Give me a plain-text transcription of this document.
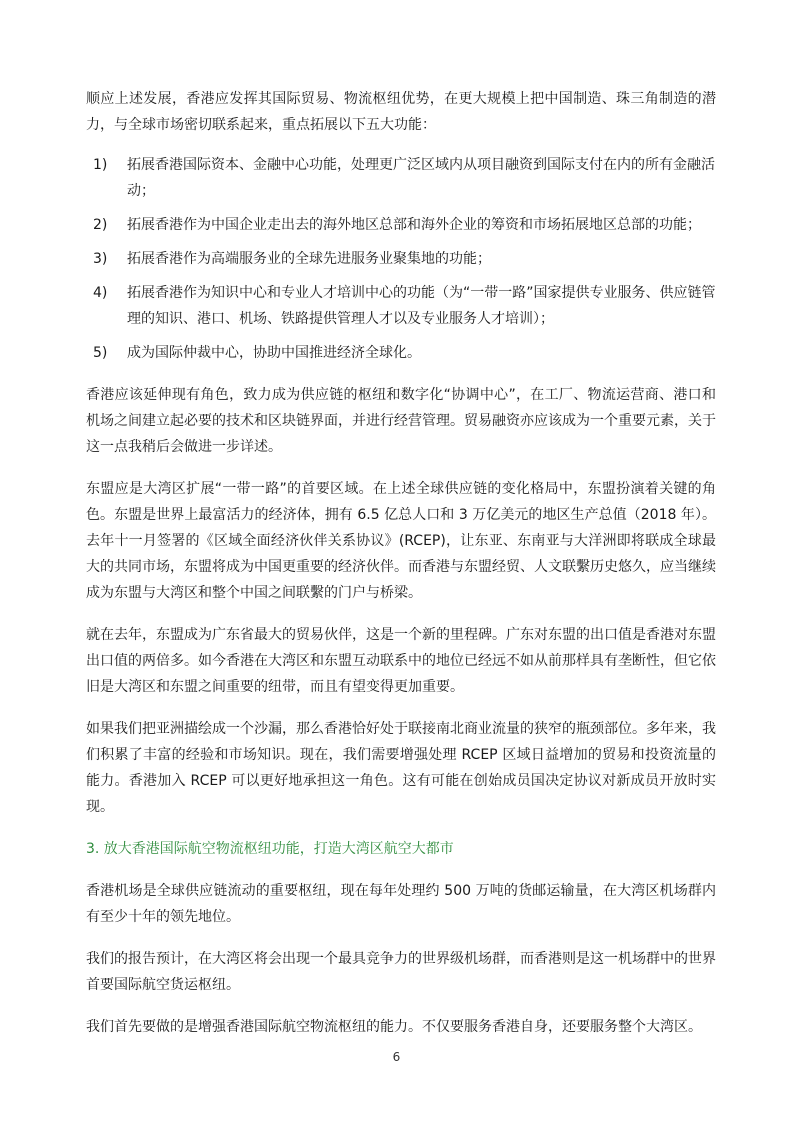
顺应上述发展，香港应发挥其国际贸易、物流枢纽优势，在更大规模上把中国制造、珠三角制造的潜力，与全球市场密切联系起来，重点拓展以下五大功能：

1)	拓展香港国际资本、金融中心功能，处理更广泛区域内从项目融资到国际支付在内的所有金融活动；
2)	拓展香港作为中国企业走出去的海外地区总部和海外企业的筹资和市场拓展地区总部的功能；
3)	拓展香港作为高端服务业的全球先进服务业聚集地的功能；
4)	拓展香港作为知识中心和专业人才培训中心的功能（为“一带一路”国家提供专业服务、供应链管理的知识、港口、机场、铁路提供管理人才以及专业服务人才培训）；
5)	成为国际仲裁中心，协助中国推进经济全球化。

香港应该延伸现有角色，致力成为供应链的枢纽和数字化“协调中心”，在工厂、物流运营商、港口和机场之间建立起必要的技术和区块链界面，并进行经营管理。贸易融资亦应该成为一个重要元素，关于这一点我稍后会做进一步详述。

东盟应是大湾区扩展“一带一路”的首要区域。在上述全球供应链的变化格局中，东盟扮演着关键的角色。东盟是世界上最富活力的经济体，拥有 6.5 亿总人口和 3 万亿美元的地区生产总值（2018 年）。去年十一月签署的《区域全面经济伙伴关系协议》(RCEP)，让东亚、东南亚与大洋洲即将联成全球最大的共同市场，东盟将成为中国更重要的经济伙伴。而香港与东盟经贸、人文联繫历史悠久，应当继续成为东盟与大湾区和整个中国之间联繫的门户与桥梁。

就在去年，东盟成为广东省最大的贸易伙伴，这是一个新的里程碑。广东对东盟的出口值是香港对东盟出口值的两倍多。如今香港在大湾区和东盟互动联系中的地位已经远不如从前那样具有垄断性，但它依旧是大湾区和东盟之间重要的纽带，而且有望变得更加重要。

如果我们把亚洲描绘成一个沙漏，那么香港恰好处于联接南北商业流量的狭窄的瓶颈部位。多年来，我们积累了丰富的经验和市场知识。现在，我们需要增强处理 RCEP 区域日益增加的贸易和投资流量的能力。香港加入 RCEP 可以更好地承担这一角色。这有可能在创始成员国决定协议对新成员开放时实现。

3. 放大香港国际航空物流枢纽功能，打造大湾区航空大都市

香港机场是全球供应链流动的重要枢纽，现在每年处理约 500 万吨的货邮运输量，在大湾区机场群内有至少十年的领先地位。

我们的报告预计，在大湾区将会出现一个最具竞争力的世界级机场群，而香港则是这一机场群中的世界首要国际航空货运枢纽。

我们首先要做的是增强香港国际航空物流枢纽的能力。不仅要服务香港自身，还要服务整个大湾区。

6
